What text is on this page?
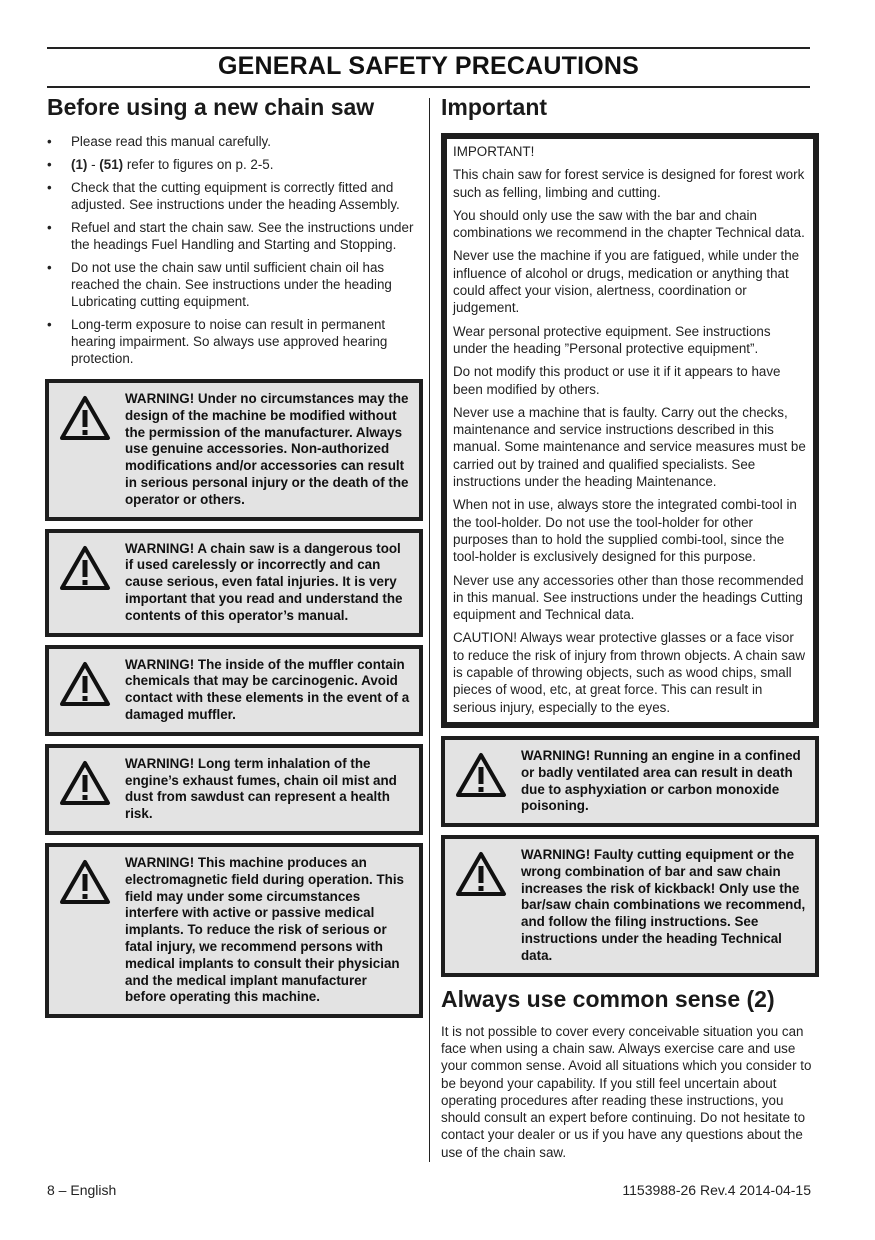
GENERAL SAFETY PRECAUTIONS
Before using a new chain saw
• Please read this manual carefully.
• (1) - (51) refer to figures on p. 2-5.
• Check that the cutting equipment is correctly fitted and adjusted. See instructions under the heading Assembly.
• Refuel and start the chain saw. See the instructions under the headings Fuel Handling and Starting and Stopping.
• Do not use the chain saw until sufficient chain oil has reached the chain. See instructions under the heading Lubricating cutting equipment.
• Long-term exposure to noise can result in permanent hearing impairment. So always use approved hearing protection.
WARNING! Under no circumstances may the design of the machine be modified without the permission of the manufacturer. Always use genuine accessories. Non-authorized modifications and/or accessories can result in serious personal injury or the death of the operator or others.
WARNING! A chain saw is a dangerous tool if used carelessly or incorrectly and can cause serious, even fatal injuries. It is very important that you read and understand the contents of this operator’s manual.
WARNING! The inside of the muffler contain chemicals that may be carcinogenic. Avoid contact with these elements in the event of a damaged muffler.
WARNING! Long term inhalation of the engine’s exhaust fumes, chain oil mist and dust from sawdust can represent a health risk.
WARNING! This machine produces an electromagnetic field during operation. This field may under some circumstances interfere with active or passive medical implants. To reduce the risk of serious or fatal injury, we recommend persons with medical implants to consult their physician and the medical implant manufacturer before operating this machine.
Important

IMPORTANT!

This chain saw for forest service is designed for forest work such as felling, limbing and cutting.

You should only use the saw with the bar and chain combinations we recommend in the chapter Technical data.

Never use the machine if you are fatigued, while under the influence of alcohol or drugs, medication or anything that could affect your vision, alertness, coordination or judgement.

Wear personal protective equipment. See instructions under the heading ”Personal protective equipment”.

Do not modify this product or use it if it appears to have been modified by others.

Never use a machine that is faulty. Carry out the checks, maintenance and service instructions described in this manual. Some maintenance and service measures must be carried out by trained and qualified specialists. See instructions under the heading Maintenance.

When not in use, always store the integrated combi-tool in the tool-holder. Do not use the tool-holder for other purposes than to hold the supplied combi-tool, since the tool-holder is exclusively designed for this purpose.

Never use any accessories other than those recommended in this manual. See instructions under the headings Cutting equipment and Technical data.

CAUTION! Always wear protective glasses or a face visor to reduce the risk of injury from thrown objects. A chain saw is capable of throwing objects, such as wood chips, small pieces of wood, etc, at great force. This can result in serious injury, especially to the eyes.

WARNING! Running an engine in a confined or badly ventilated area can result in death due to asphyxiation or carbon monoxide poisoning.
WARNING! Faulty cutting equipment or the wrong combination of bar and saw chain increases the risk of kickback! Only use the bar/saw chain combinations we recommend, and follow the filing instructions. See instructions under the heading Technical data.
Always use common sense (2)

It is not possible to cover every conceivable situation you can face when using a chain saw. Always exercise care and use your common sense. Avoid all situations which you consider to be beyond your capability. If you still feel uncertain about operating procedures after reading these instructions, you should consult an expert before continuing. Do not hesitate to contact your dealer or us if you have any questions about the use of the chain saw.

8 – English	1153988-26 Rev.4 2014-04-15
